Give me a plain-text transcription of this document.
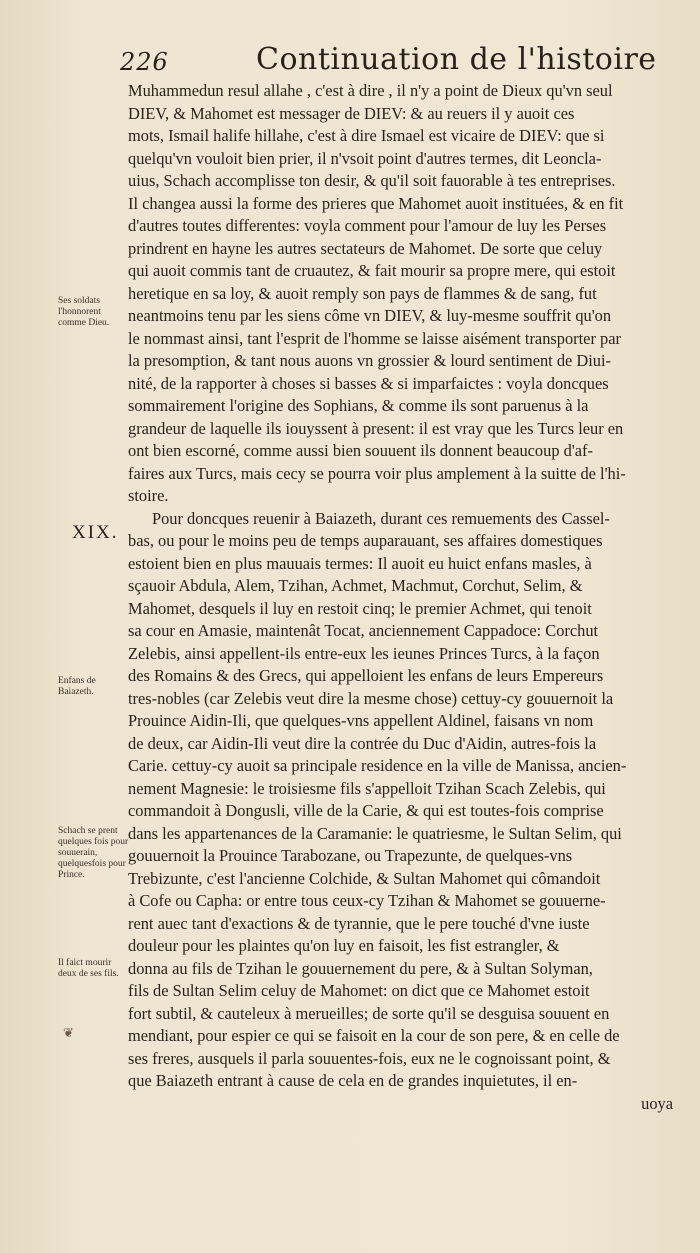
226	Continuation de l'histoire
Muhammedun resul allahe , c'est à dire , il n'y a point de Dieux qu'vn seul
DIEV, & Mahomet est messager de DIEV: & au reuers il y auoit ces
mots, Ismail halife hillahe, c'est à dire Ismael est vicaire de DIEV: que si
quelqu'vn vouloit bien prier, il n'vsoit point d'autres termes, dit Leoncla-
uius, Schach accomplisse ton desir, & qu'il soit fauorable à tes entreprises.
Il changea aussi la forme des prieres que Mahomet auoit instituées, & en fit
d'autres toutes differentes: voyla comment pour l'amour de luy les Perses
prindrent en hayne les autres sectateurs de Mahomet. De sorte que celuy
qui auoit commis tant de cruautez, & fait mourir sa propre mere, qui estoit
heretique en sa loy, & auoit remply son pays de flammes & de sang, fut
neantmoins tenu par les siens côme vn DIEV, & luy-mesme souffrit qu'on
le nommast ainsi, tant l'esprit de l'homme se laisse aisément transporter par
la presomption, & tant nous auons vn grossier & lourd sentiment de Diui-
nité, de la rapporter à choses si basses & si imparfaictes : voyla doncques
sommairement l'origine des Sophians, & comme ils sont paruenus à la
grandeur de laquelle ils iouyssent à present: il est vray que les Turcs leur en
ont bien escorné, comme aussi bien souuent ils donnent beaucoup d'af-
faires aux Turcs, mais cecy se pourra voir plus amplement à la suitte de l'hi-
stoire.
Pour doncques reuenir à Baiazeth, durant ces remuements des Cassel-
bas, ou pour le moins peu de temps auparauant, ses affaires domestiques
estoient bien en plus mauuais termes: Il auoit eu huict enfans masles, à
sçauoir Abdula, Alem, Tzihan, Achmet, Machmut, Corchut, Selim, &
Mahomet, desquels il luy en restoit cinq; le premier Achmet, qui tenoit
sa cour en Amasie, maintenât Tocat, anciennement Cappadoce: Corchut
Zelebis, ainsi appellent-ils entre-eux les ieunes Princes Turcs, à la façon
des Romains & des Grecs, qui appelloient les enfans de leurs Empereurs
tres-nobles (car Zelebis veut dire la mesme chose) cettuy-cy gouuernoit la
Prouince Aidin-Ili, que quelques-vns appellent Aldinel, faisans vn nom
de deux, car Aidin-Ili veut dire la contrée du Duc d'Aidin, autres-fois la
Carie. cettuy-cy auoit sa principale residence en la ville de Manissa, ancien-
nement Magnesie: le troisiesme fils s'appelloit Tzihan Scach Zelebis, qui
commandoit à Dongusli, ville de la Carie, & qui est toutes-fois comprise
dans les appartenances de la Caramanie: le quatriesme, le Sultan Selim, qui
gouuernoit la Prouince Tarabozane, ou Trapezunte, de quelques-vns
Trebizunte, c'est l'ancienne Colchide, & Sultan Mahomet qui cômandoit
à Cofe ou Capha: or entre tous ceux-cy Tzihan & Mahomet se gouuerne-
rent auec tant d'exactions & de tyrannie, que le pere touché d'vne iuste
douleur pour les plaintes qu'on luy en faisoit, les fist estrangler, &
donna au fils de Tzihan le gouuernement du pere, & à Sultan Solyman,
fils de Sultan Selim celuy de Mahomet: on dict que ce Mahomet estoit
fort subtil, & cauteleux à merueilles; de sorte qu'il se desguisa souuent en
mendiant, pour espier ce qui se faisoit en la cour de son pere, & en celle de
ses freres, ausquels il parla souuentes-fois, eux ne le cognoissant point, &
que Baiazeth entrant à cause de cela en de grandes inquietutes, il en-
uoya
Ses soldats l'honnorent comme Dieu.
XIX.
Enfans de Baiazeth.
Schach se prent quelques fois pour souuerain, quelquesfois pour Prince.
Il faict mourir deux de ses fils.
❦
